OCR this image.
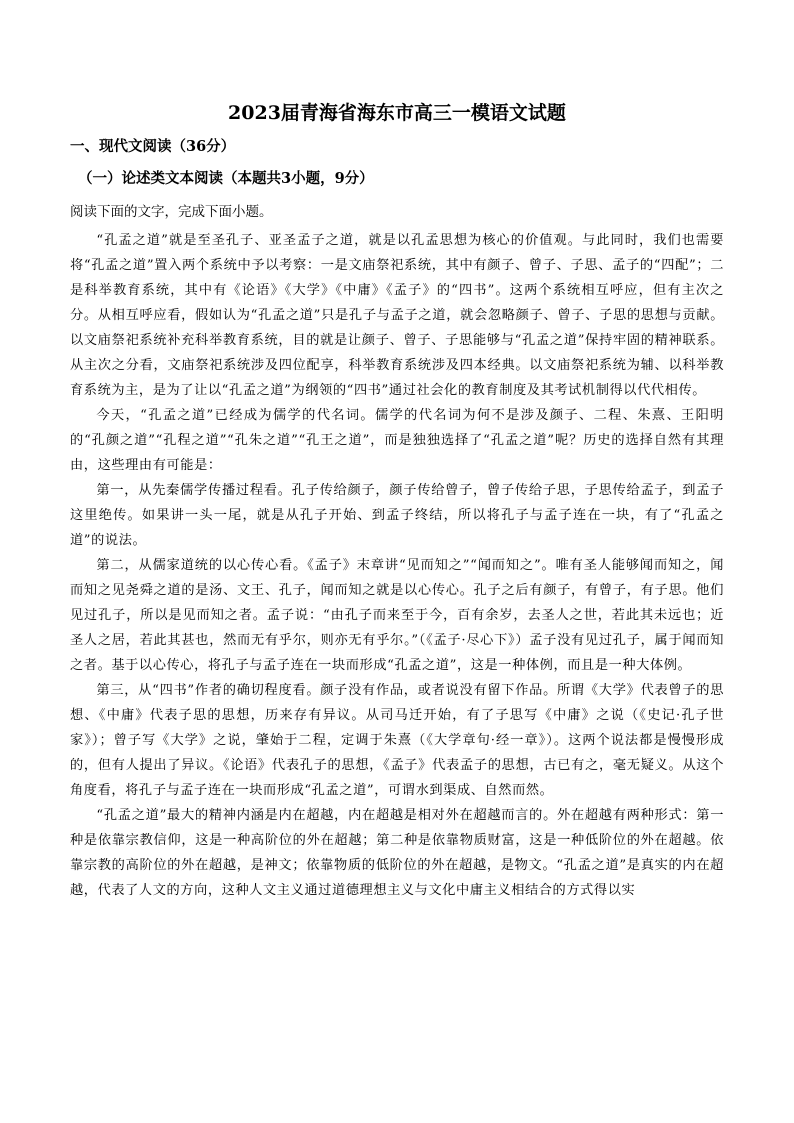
2023届青海省海东市高三一模语文试题
一、现代文阅读（36分）
（一）论述类文本阅读（本题共3小题，9分）
阅读下面的文字，完成下面小题。

“孔孟之道”就是至圣孔子、亚圣孟子之道，就是以孔孟思想为核心的价值观。与此同时，我们也需要将“孔孟之道”置入两个系统中予以考察：一是文庙祭祀系统，其中有颜子、曾子、子思、孟子的“四配”；二是科举教育系统，其中有《论语》《大学》《中庸》《孟子》的“四书”。这两个系统相互呼应，但有主次之分。从相互呼应看，假如认为“孔孟之道”只是孔子与孟子之道，就会忽略颜子、曾子、子思的思想与贡献。以文庙祭祀系统补充科举教育系统，目的就是让颜子、曾子、子思能够与“孔孟之道”保持牢固的精神联系。从主次之分看，文庙祭祀系统涉及四位配享，科举教育系统涉及四本经典。以文庙祭祀系统为辅、以科举教育系统为主，是为了让以“孔孟之道”为纲领的“四书”通过社会化的教育制度及其考试机制得以代代相传。

今天，“孔孟之道”已经成为儒学的代名词。儒学的代名词为何不是涉及颜子、二程、朱熹、王阳明的“孔颜之道”“孔程之道”“孔朱之道”“孔王之道”，而是独独选择了“孔孟之道”呢？历史的选择自然有其理由，这些理由有可能是：

第一，从先秦儒学传播过程看。孔子传给颜子，颜子传给曾子，曾子传给子思，子思传给孟子，到孟子这里绝传。如果讲一头一尾，就是从孔子开始、到孟子终结，所以将孔子与孟子连在一块，有了“孔孟之道”的说法。

第二，从儒家道统的以心传心看。《孟子》末章讲“见而知之”“闻而知之”。唯有圣人能够闻而知之，闻而知之见尧舜之道的是汤、文王、孔子，闻而知之就是以心传心。孔子之后有颜子，有曾子，有子思。他们见过孔子，所以是见而知之者。孟子说：“由孔子而来至于今，百有余岁，去圣人之世，若此其未远也；近圣人之居，若此其甚也，然而无有乎尔，则亦无有乎尔。”（《孟子·尽心下》）孟子没有见过孔子，属于闻而知之者。基于以心传心，将孔子与孟子连在一块而形成“孔孟之道”，这是一种体例，而且是一种大体例。

第三，从“四书”作者的确切程度看。颜子没有作品，或者说没有留下作品。所谓《大学》代表曾子的思想、《中庸》代表子思的思想，历来存有异议。从司马迁开始，有了子思写《中庸》之说（《史记·孔子世家》）；曾子写《大学》之说，肇始于二程，定调于朱熹（《大学章句·经一章》）。这两个说法都是慢慢形成的，但有人提出了异议。《论语》代表孔子的思想，《孟子》代表孟子的思想，古已有之，毫无疑义。从这个角度看，将孔子与孟子连在一块而形成“孔孟之道”，可谓水到渠成、自然而然。

“孔孟之道”最大的精神内涵是内在超越，内在超越是相对外在超越而言的。外在超越有两种形式：第一种是依靠宗教信仰，这是一种高阶位的外在超越；第二种是依靠物质财富，这是一种低阶位的外在超越。依靠宗教的高阶位的外在超越，是神文；依靠物质的低阶位的外在超越，是物文。“孔孟之道”是真实的内在超越，代表了人文的方向，这种人文主义通过道德理想主义与文化中庸主义相结合的方式得以实
